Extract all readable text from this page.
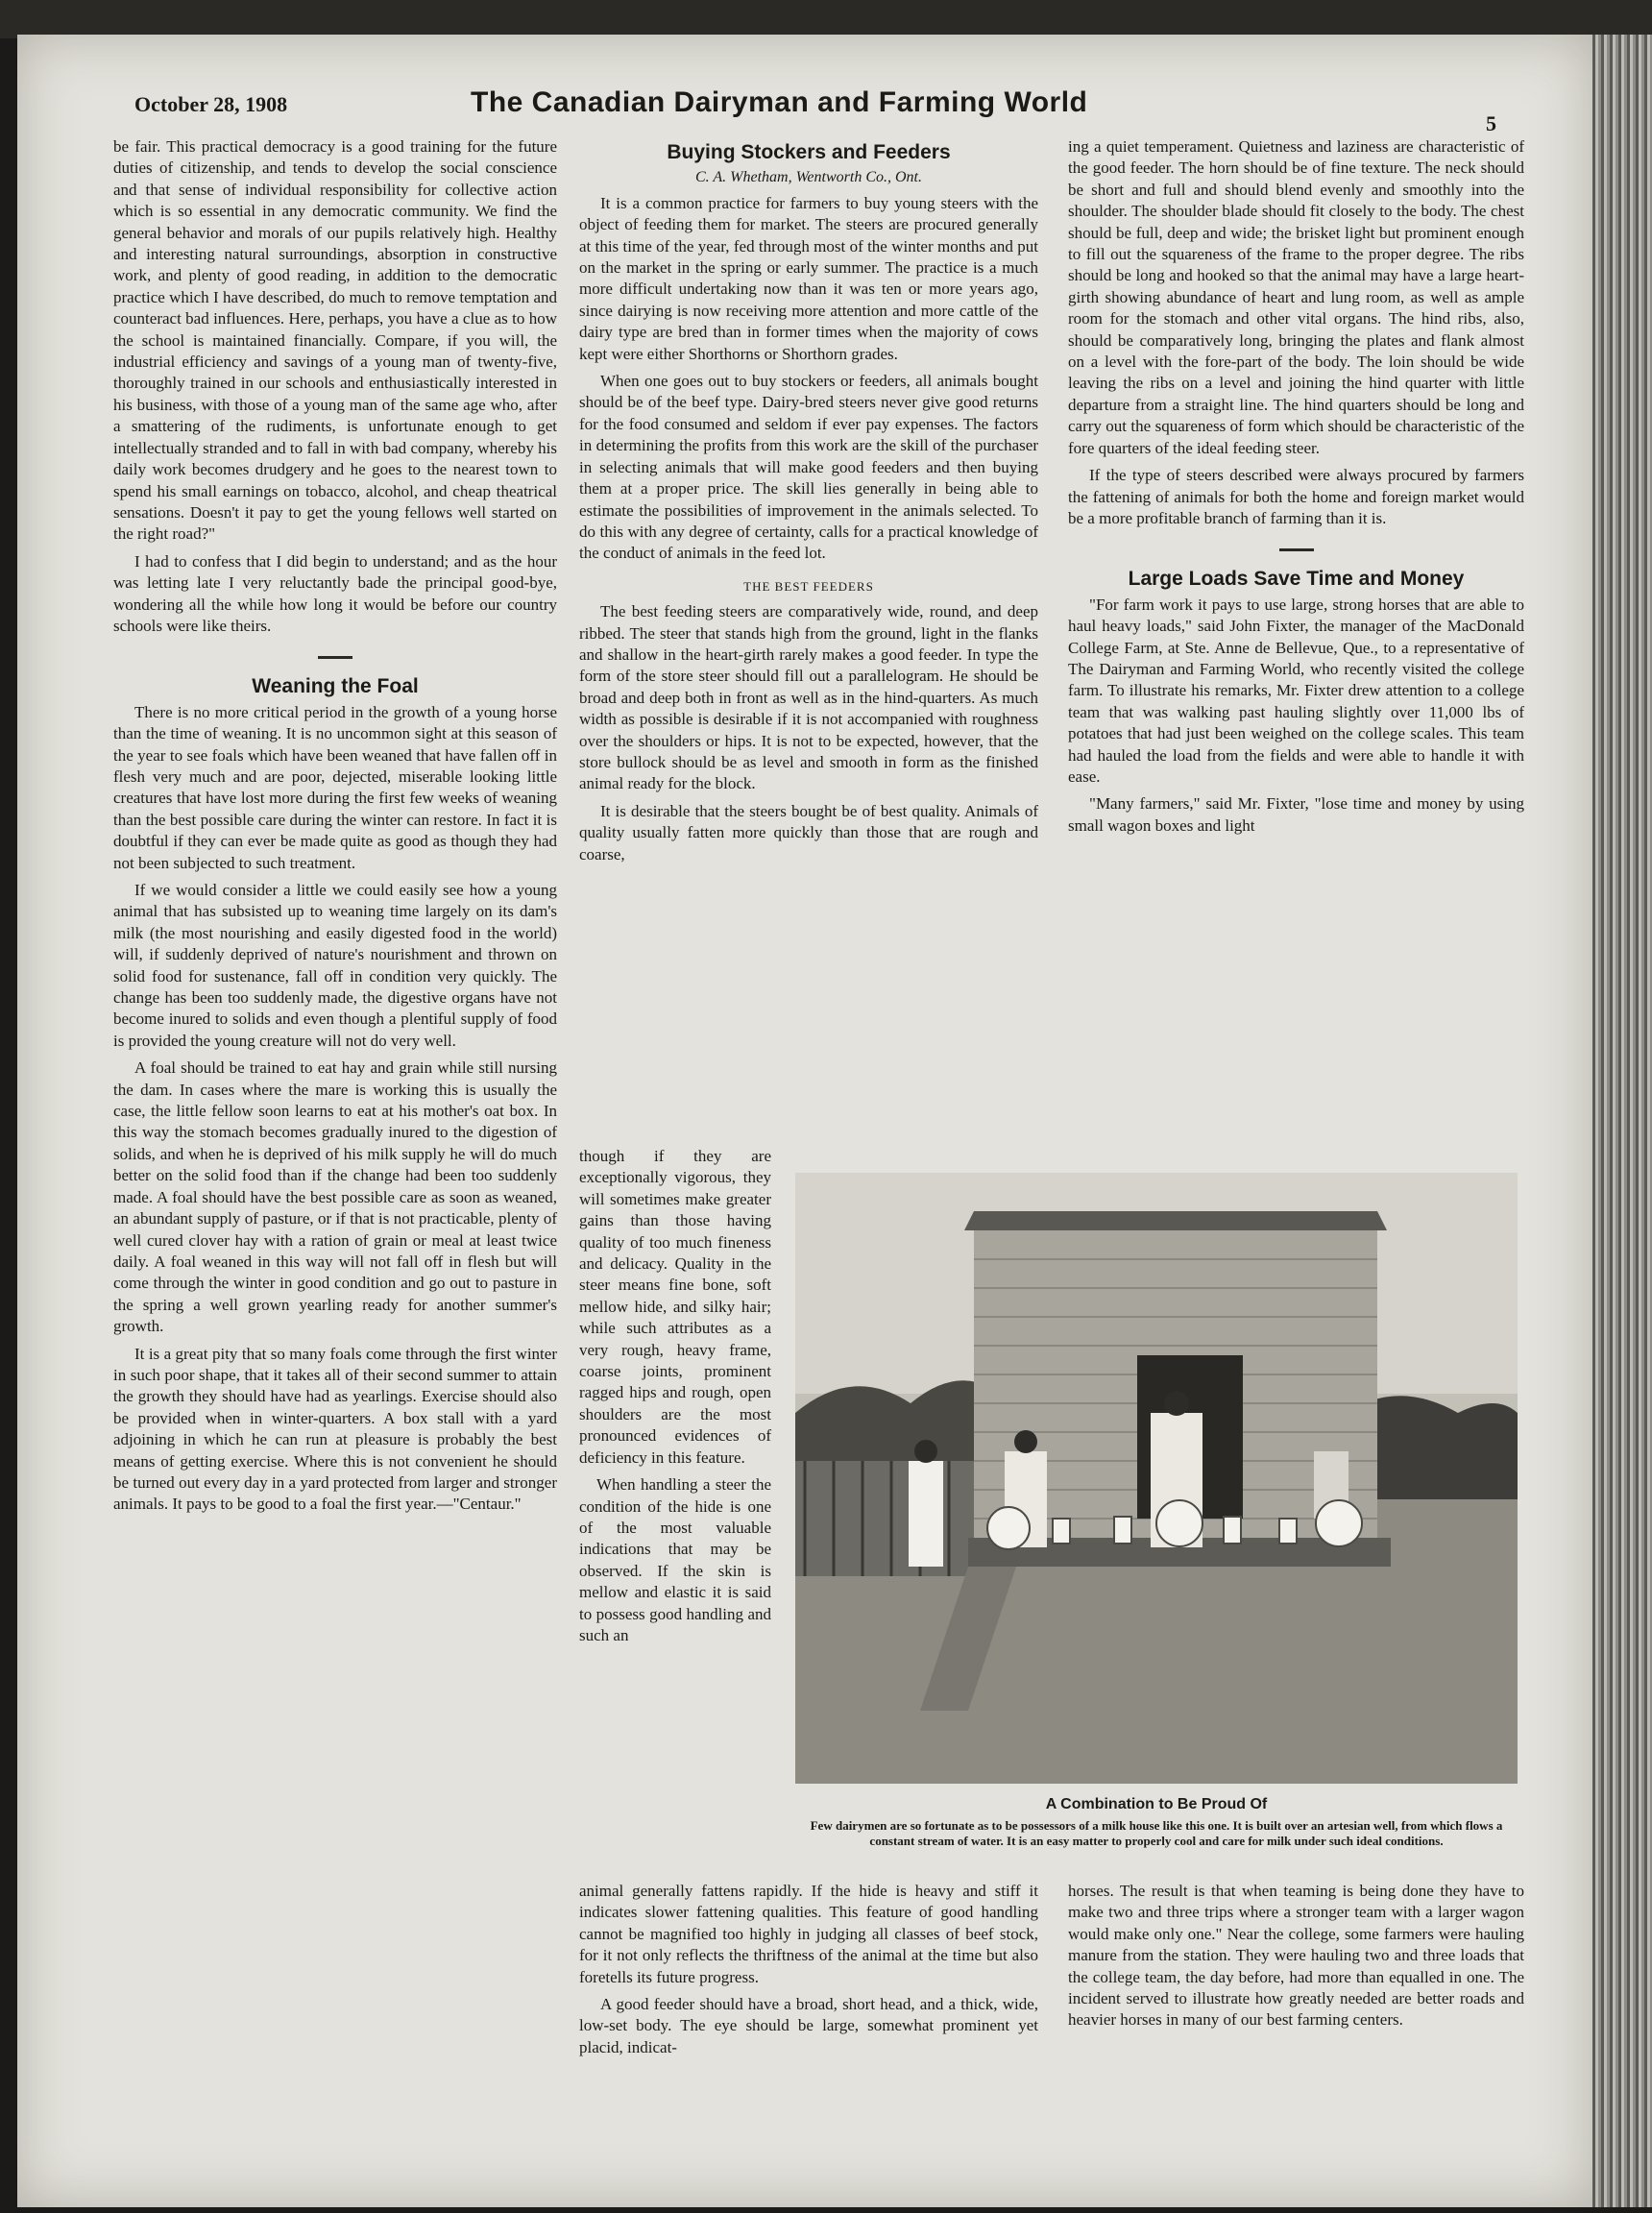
October 28, 1908	The Canadian Dairyman and Farming World
5

be fair. This practical democracy is a good training for the future duties of citizenship, and tends to develop the social conscience and that sense of individual responsibility for collective action which is so essential in any democratic community. We find the general behavior and morals of our pupils relatively high. Healthy and interesting natural surroundings, absorption in constructive work, and plenty of good reading, in addition to the democratic practice which I have described, do much to remove temptation and counteract bad influences. Here, perhaps, you have a clue as to how the school is maintained financially. Compare, if you will, the industrial efficiency and savings of a young man of twenty-five, thoroughly trained in our schools and enthusiastically interested in his business, with those of a young man of the same age who, after a smattering of the rudiments, is unfortunate enough to get intellectually stranded and to fall in with bad company, whereby his daily work becomes drudgery and he goes to the nearest town to spend his small earnings on tobacco, alcohol, and cheap theatrical sensations. Doesn't it pay to get the young fellows well started on the right road?"

I had to confess that I did begin to understand; and as the hour was letting late I very reluctantly bade the principal good-bye, wondering all the while how long it would be before our country schools were like theirs.

Weaning the Foal

There is no more critical period in the growth of a young horse than the time of weaning. It is no uncommon sight at this season of the year to see foals which have been weaned that have fallen off in flesh very much and are poor, dejected, miserable looking little creatures that have lost more during the first few weeks of weaning than the best possible care during the winter can restore. In fact it is doubtful if they can ever be made quite as good as though they had not been subjected to such treatment.

If we would consider a little we could easily see how a young animal that has subsisted up to weaning time largely on its dam's milk (the most nourishing and easily digested food in the world) will, if suddenly deprived of nature's nourishment and thrown on solid food for sustenance, fall off in condition very quickly. The change has been too suddenly made, the digestive organs have not become inured to solids and even though a plentiful supply of food is provided the young creature will not do very well.

A foal should be trained to eat hay and grain while still nursing the dam. In cases where the mare is working this is usually the case, the little fellow soon learns to eat at his mother's oat box. In this way the stomach becomes gradually inured to the digestion of solids, and when he is deprived of his milk supply he will do much better on the solid food than if the change had been too suddenly made. A foal should have the best possible care as soon as weaned, an abundant supply of pasture, or if that is not practicable, plenty of well cured clover hay with a ration of grain or meal at least twice daily. A foal weaned in this way will not fall off in flesh but will come through the winter in good condition and go out to pasture in the spring a well grown yearling ready for another summer's growth.

It is a great pity that so many foals come through the first winter in such poor shape, that it takes all of their second summer to attain the growth they should have had as yearlings. Exercise should also be provided when in winter-quarters. A box stall with a yard adjoining in which he can run at pleasure is probably the best means of getting exercise. Where this is not convenient he should be turned out every day in a yard protected from larger and stronger animals. It pays to be good to a foal the first year.—"Centaur."

Buying Stockers and Feeders
C. A. Whetham, Wentworth Co., Ont.

It is a common practice for farmers to buy young steers with the object of feeding them for market. The steers are procured generally at this time of the year, fed through most of the winter months and put on the market in the spring or early summer. The practice is a much more difficult undertaking now than it was ten or more years ago, since dairying is now receiving more attention and more cattle of the dairy type are bred than in former times when the majority of cows kept were either Shorthorns or Shorthorn grades.

When one goes out to buy stockers or feeders, all animals bought should be of the beef type. Dairy-bred steers never give good returns for the food consumed and seldom if ever pay expenses. The factors in determining the profits from this work are the skill of the purchaser in selecting animals that will make good feeders and then buying them at a proper price. The skill lies generally in being able to estimate the possibilities of improvement in the animals selected. To do this with any degree of certainty, calls for a practical knowledge of the conduct of animals in the feed lot.

THE BEST FEEDERS

The best feeding steers are comparatively wide, round, and deep ribbed. The steer that stands high from the ground, light in the flanks and shallow in the heart-girth rarely makes a good feeder. In type the form of the store steer should fill out a parallelogram. He should be broad and deep both in front as well as in the hind-quarters. As much width as possible is desirable if it is not accompanied with roughness over the shoulders or hips. It is not to be expected, however, that the store bullock should be as level and smooth in form as the finished animal ready for the block.

It is desirable that the steers bought be of best quality. Animals of quality usually fatten more quickly than those that are rough and coarse,

though if they are exceptionally vigorous, they will sometimes make greater gains than those having quality of too much fineness and delicacy. Quality in the steer means fine bone, soft mellow hide, and silky hair; while such attributes as a very rough, heavy frame, coarse joints, prominent ragged hips and rough, open shoulders are the most pronounced evidences of deficiency in this feature.

When handling a steer the condition of the hide is one of the most valuable indications that may be observed. If the skin is mellow and elastic it is said to possess good handling and such an

animal generally fattens rapidly. If the hide is heavy and stiff it indicates slower fattening qualities. This feature of good handling cannot be magnified too highly in judging all classes of beef stock, for it not only reflects the thriftness of the animal at the time but also foretells its future progress.

A good feeder should have a broad, short head, and a thick, wide, low-set body. The eye should be large, somewhat prominent yet placid, indicat-

ing a quiet temperament. Quietness and laziness are characteristic of the good feeder. The horn should be of fine texture. The neck should be short and full and should blend evenly and smoothly into the shoulder. The shoulder blade should fit closely to the body. The chest should be full, deep and wide; the brisket light but prominent enough to fill out the squareness of the frame to the proper degree. The ribs should be long and hooked so that the animal may have a large heart-girth showing abundance of heart and lung room, as well as ample room for the stomach and other vital organs. The hind ribs, also, should be comparatively long, bringing the plates and flank almost on a level with the fore-part of the body. The loin should be wide leaving the ribs on a level and joining the hind quarter with little departure from a straight line. The hind quarters should be long and carry out the squareness of form which should be characteristic of the fore quarters of the ideal feeding steer.

If the type of steers described were always procured by farmers the fattening of animals for both the home and foreign market would be a more profitable branch of farming than it is.

Large Loads Save Time and Money

"For farm work it pays to use large, strong horses that are able to haul heavy loads," said John Fixter, the manager of the MacDonald College Farm, at Ste. Anne de Bellevue, Que., to a representative of The Dairyman and Farming World, who recently visited the college farm. To illustrate his remarks, Mr. Fixter drew attention to a college team that was walking past hauling slightly over 11,000 lbs of potatoes that had just been weighed on the college scales. This team had hauled the load from the fields and were able to handle it with ease.

"Many farmers," said Mr. Fixter, "lose time and money by using small wagon boxes and light

horses. The result is that when teaming is being done they have to make two and three trips where a stronger team with a larger wagon would make only one." Near the college, some farmers were hauling manure from the station. They were hauling two and three loads that the college team, the day before, had more than equalled in one. The incident served to illustrate how greatly needed are better roads and heavier horses in many of our best farming centers.

A Combination to Be Proud Of
Few dairymen are so fortunate as to be possessors of a milk house like this one. It is built over an artesian well, from which flows a constant stream of water. It is an easy matter to properly cool and care for milk under such ideal conditions.
